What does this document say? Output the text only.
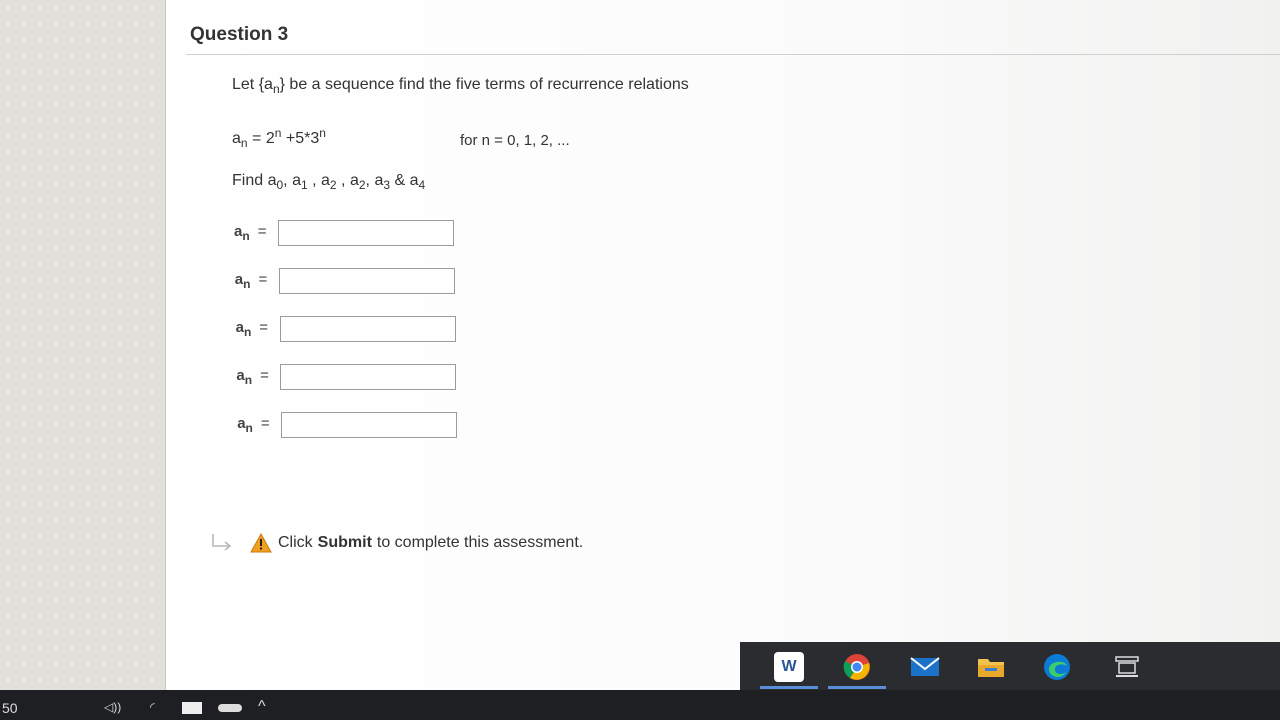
Question 3
Let $\{a_n\}$ be a sequence find the five terms of recurrence relations
$a_n = 2^n +5*3^n$	for n = 0, 1, 2, ...
Find $a_0$, $a_1$ , $a_2$ , $a_2$, $a_3$ & $a_4$
$a_n$ =
$a_n$ =
$a_n$ =
$a_n$ =
$a_n$ =
Click Submit to complete this assessment.
W
50	◁)) ◜	^
